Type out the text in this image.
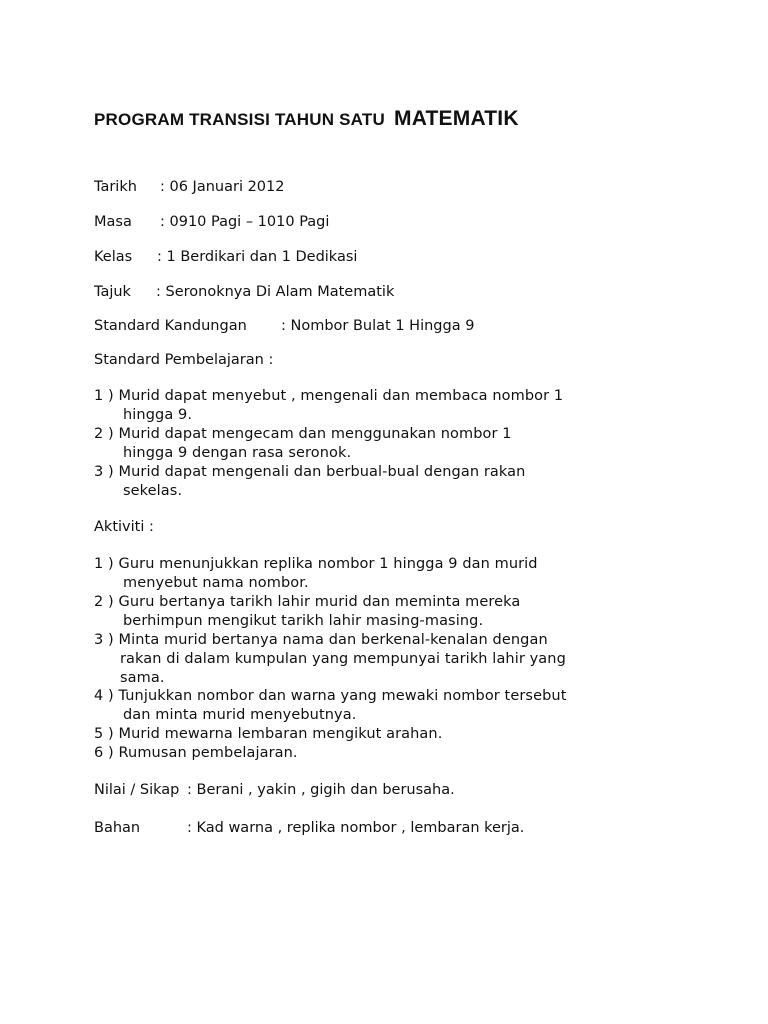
PROGRAM TRANSISI TAHUN SATU MATEMATIK
Tarikh : 06 Januari 2012
Masa : 0910 Pagi – 1010 Pagi
Kelas : 1 Berdikari dan 1 Dedikasi
Tajuk : Seronoknya Di Alam Matematik
Standard Kandungan : Nombor Bulat 1 Hingga 9
Standard Pembelajaran :
1 ) Murid dapat menyebut , mengenali dan membaca nombor 1
hingga 9.
2 ) Murid dapat mengecam dan menggunakan nombor 1
hingga 9 dengan rasa seronok.
3 ) Murid dapat mengenali dan berbual-bual dengan rakan
sekelas.
Aktiviti :
1 ) Guru menunjukkan replika nombor 1 hingga 9 dan murid
menyebut nama nombor.
2 ) Guru bertanya tarikh lahir murid dan meminta mereka
berhimpun mengikut tarikh lahir masing-masing.
3 ) Minta murid bertanya nama dan berkenal-kenalan dengan
rakan di dalam kumpulan yang mempunyai tarikh lahir yang
sama.
4 ) Tunjukkan nombor dan warna yang mewaki nombor tersebut
dan minta murid menyebutnya.
5 ) Murid mewarna lembaran mengikut arahan.
6 ) Rumusan pembelajaran.
Nilai / Sikap : Berani , yakin , gigih dan berusaha.
Bahan	: Kad warna , replika nombor , lembaran kerja.
